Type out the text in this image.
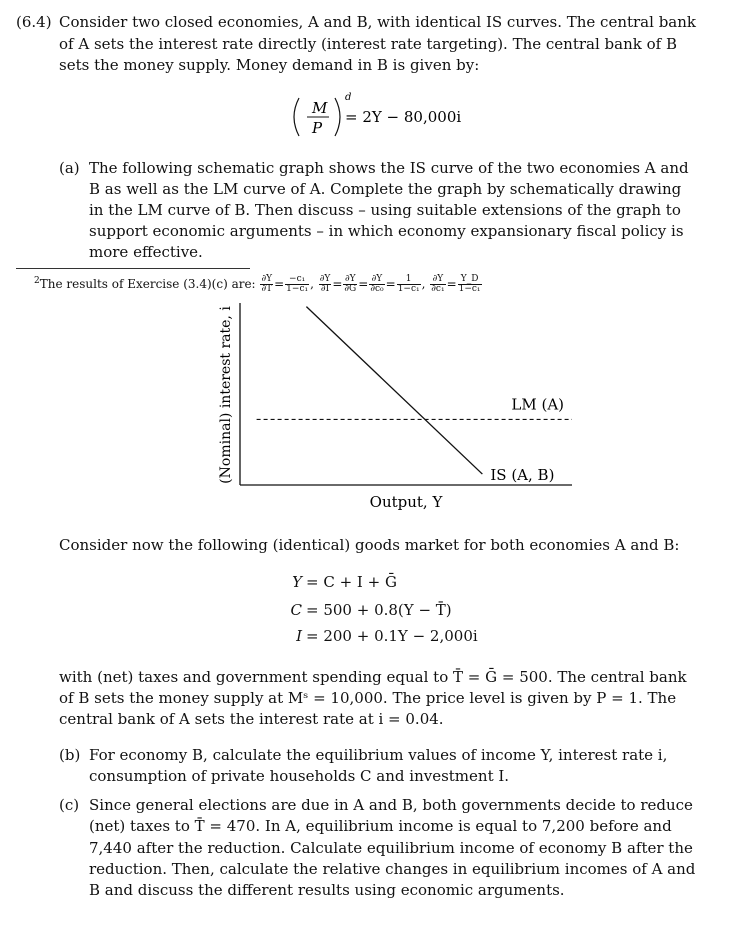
(6.4) Consider two closed economies, A and B, with identical IS curves. The central bank
of A sets the interest rate directly (interest rate targeting). The central bank of B
sets the money supply. Money demand in B is given by:
M
P
d
= 2Y − 80,000i
(a) The following schematic graph shows the IS curve of the two economies A and
B as well as the LM curve of A. Complete the graph by schematically drawing
in the LM curve of B. Then discuss – using suitable extensions of the graph to
support economic arguments – in which economy expansionary fiscal policy is
more effective.
$^2$The results of Exercise (3.4)(c) are: $\frac{\partial Y}{\partial T} = \frac{\text{−c₁}}{\text{1−c₁}}$ , $\frac{\partial Y}{\partial I} = \frac{\partial Y}{\partial G} = \frac{\partial Y}{\text{∂c₀}} = \frac{1}{\text{1−c₁}}$ , $\frac{\partial Y}{\text{∂c₁}} = \frac{Y\_D}{\text{1−c₁}}$
(Nominal) interest rate, i
Output, Y
LM (A)
IS (A, B)
Consider now the following (identical) goods market for both economies A and B:
Y = C + I + Ḡ
C = 500 + 0.8(Y − T̄)
I = 200 + 0.1Y − 2,000i
with (net) taxes and government spending equal to T̄ = Ḡ = 500. The central bank
of B sets the money supply at Mˢ = 10,000. The price level is given by P = 1. The
central bank of A sets the interest rate at i = 0.04.
(b) For economy B, calculate the equilibrium values of income Y, interest rate i,
consumption of private households C and investment I.
(c) Since general elections are due in A and B, both governments decide to reduce
(net) taxes to T̄ = 470. In A, equilibrium income is equal to 7,200 before and
7,440 after the reduction. Calculate equilibrium income of economy B after the
reduction. Then, calculate the relative changes in equilibrium incomes of A and
B and discuss the different results using economic arguments.
